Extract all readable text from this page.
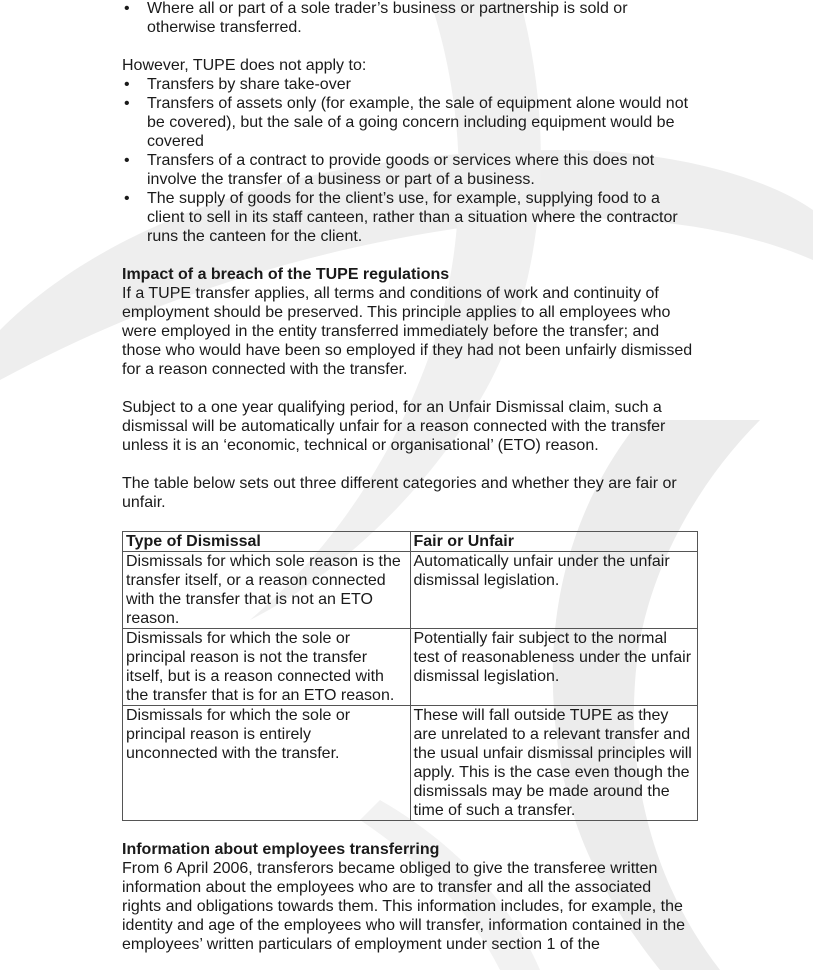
• Where all or part of a sole trader’s business or partnership is sold or otherwise transferred.

However, TUPE does not apply to:

• Transfers by share take-over
• Transfers of assets only (for example, the sale of equipment alone would not be covered), but the sale of a going concern including equipment would be covered
• Transfers of a contract to provide goods or services where this does not involve the transfer of a business or part of a business.
• The supply of goods for the client’s use, for example, supplying food to a client to sell in its staff canteen, rather than a situation where the contractor runs the canteen for the client.
Impact of a breach of the TUPE regulations

If a TUPE transfer applies, all terms and conditions of work and continuity of employment should be preserved. This principle applies to all employees who were employed in the entity transferred immediately before the transfer; and those who would have been so employed if they had not been unfairly dismissed for a reason connected with the transfer.

Subject to a one year qualifying period, for an Unfair Dismissal claim, such a dismissal will be automatically unfair for a reason connected with the transfer unless it is an ‘economic, technical or organisational’ (ETO) reason.

The table below sets out three different categories and whether they are fair or unfair.

Type of Dismissal	Fair or Unfair
Dismissals for which sole reason is the transfer itself, or a reason connected with the transfer that is not an ETO reason.	Automatically unfair under the unfair dismissal legislation.
Dismissals for which the sole or principal reason is not the transfer itself, but is a reason connected with the transfer that is for an ETO reason.	Potentially fair subject to the normal test of reasonableness under the unfair dismissal legislation.
Dismissals for which the sole or principal reason is entirely unconnected with the transfer.	These will fall outside TUPE as they are unrelated to a relevant transfer and the usual unfair dismissal principles will apply. This is the case even though the dismissals may be made around the time of such a transfer.
Information about employees transferring

From 6 April 2006, transferors became obliged to give the transferee written information about the employees who are to transfer and all the associated rights and obligations towards them. This information includes, for example, the identity and age of the employees who will transfer, information contained in the employees’ written particulars of employment under section 1 of the
